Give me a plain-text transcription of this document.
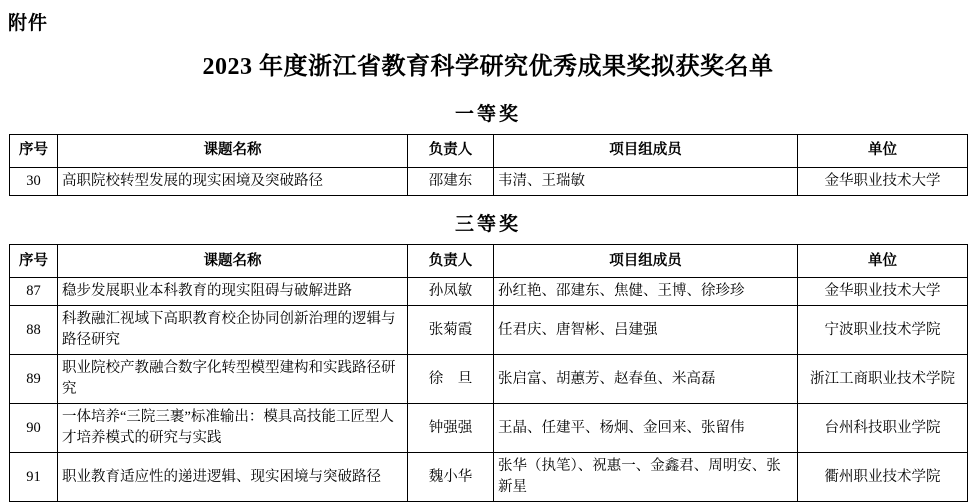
附件
2023 年度浙江省教育科学研究优秀成果奖拟获奖名单
一等奖
序号	课题名称	负责人	项目组成员	单位
30	高职院校转型发展的现实困境及突破路径	邵建东	韦清、王瑞敏	金华职业技术大学
三等奖
序号	课题名称	负责人	项目组成员	单位
87	稳步发展职业本科教育的现实阻碍与破解进路	孙凤敏	孙红艳、邵建东、焦健、王博、徐珍珍	金华职业技术大学
88	科教融汇视域下高职教育校企协同创新治理的逻辑与路径研究	张菊霞	任君庆、唐智彬、吕建强	宁波职业技术学院
89	职业院校产教融合数字化转型模型建构和实践路径研究	徐　旦	张启富、胡蕙芳、赵春鱼、米高磊	浙江工商职业技术学院
90	一体培养“三院三裹”标准输出：模具高技能工匠型人才培养模式的研究与实践	钟强强	王晶、任建平、杨炯、金回来、张留伟	台州科技职业学院
91	职业教育适应性的递进逻辑、现实困境与突破路径	魏小华	张华（执笔）、祝惠一、金鑫君、周明安、张新星	衢州职业技术学院
